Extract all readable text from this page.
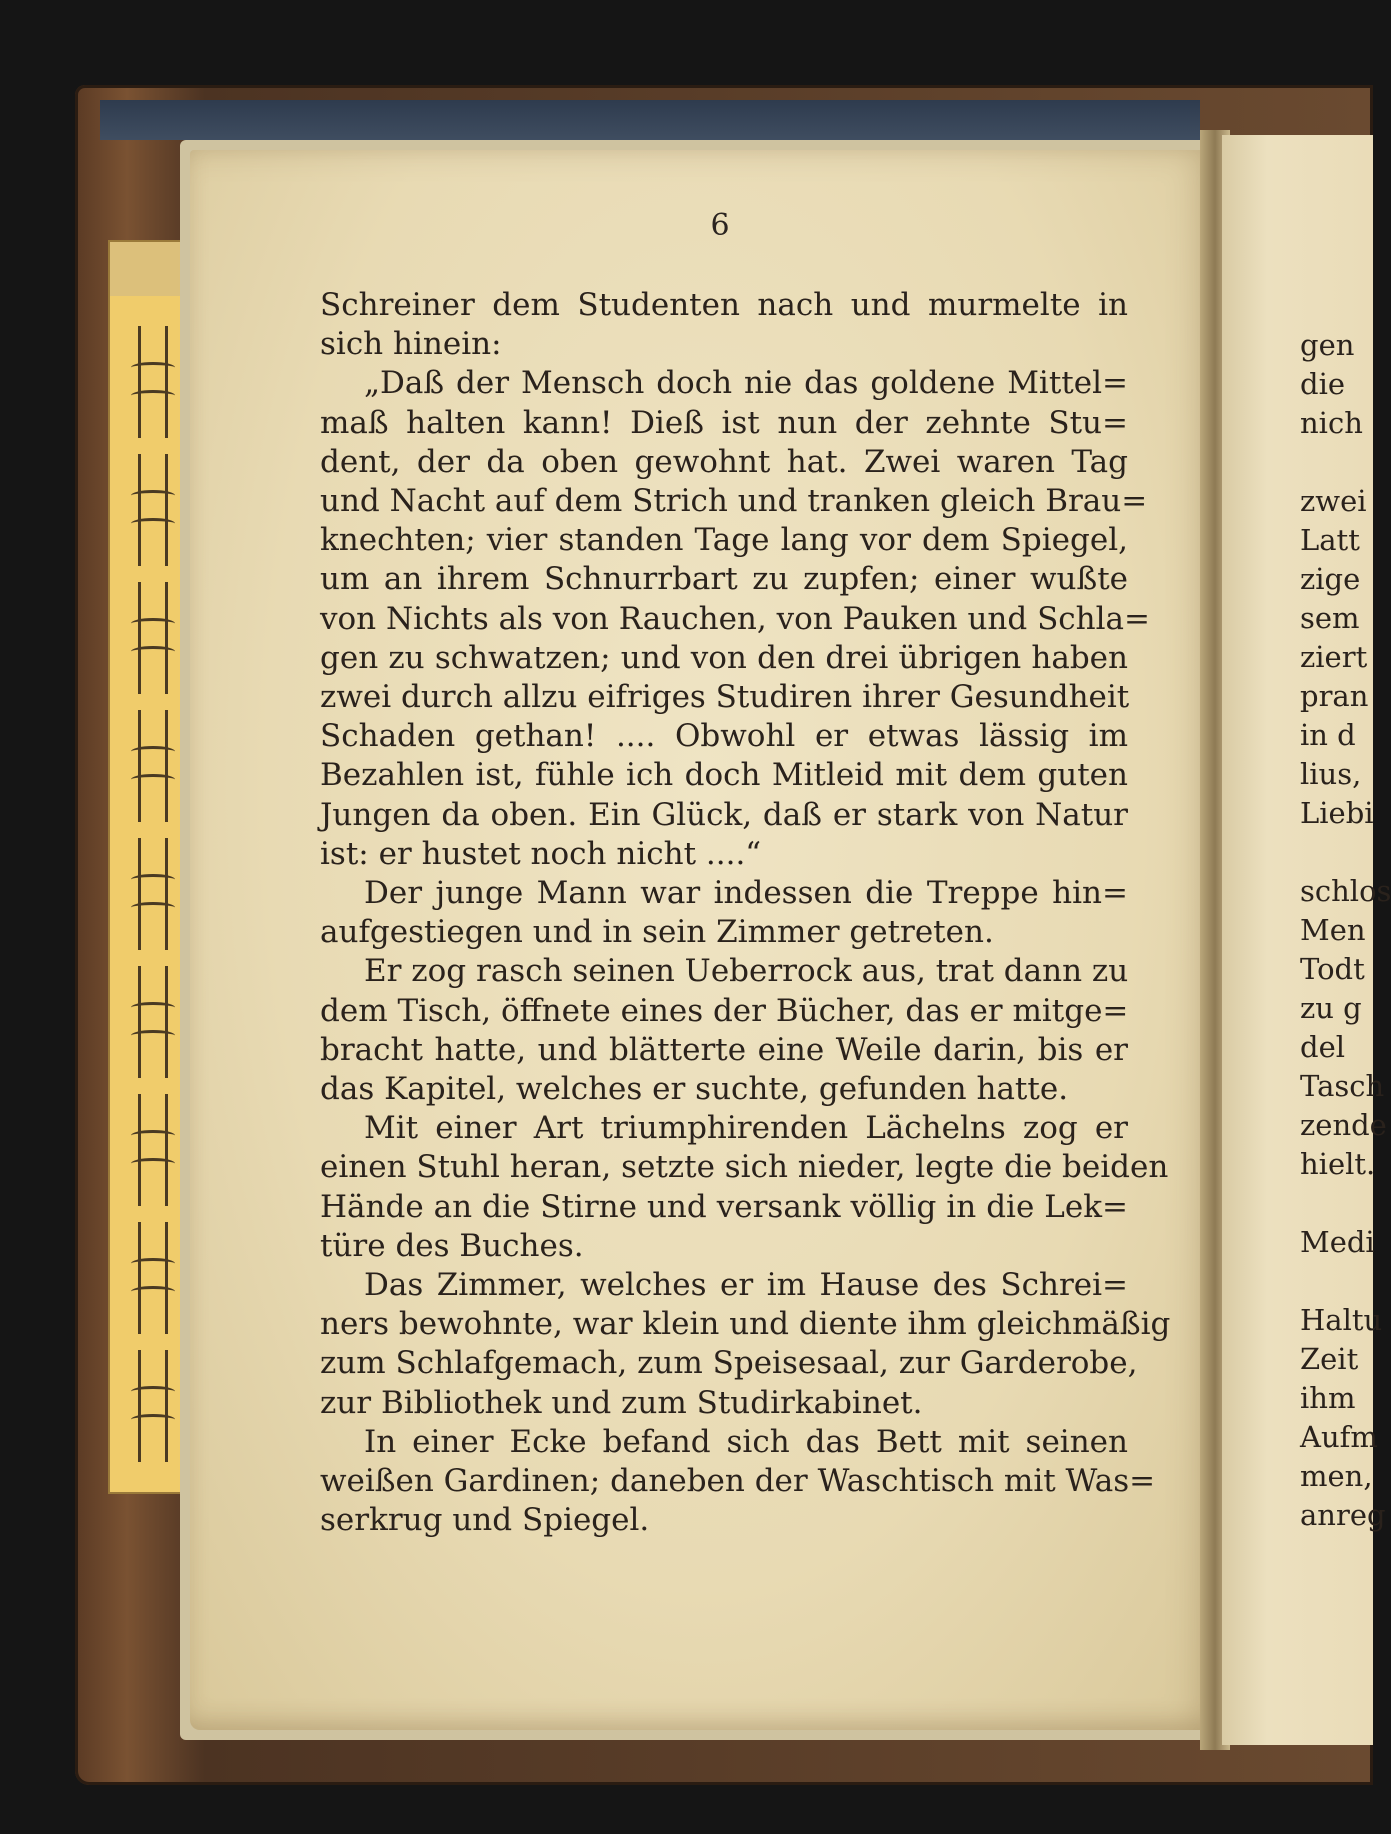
6
Schreiner dem Studenten nach und murmelte in
sich hinein:
„Daß der Mensch doch nie das goldene Mittel=
maß halten kann! Dieß ist nun der zehnte Stu=
dent, der da oben gewohnt hat. Zwei waren Tag
und Nacht auf dem Strich und tranken gleich Brau=
knechten; vier standen Tage lang vor dem Spiegel,
um an ihrem Schnurrbart zu zupfen; einer wußte
von Nichts als von Rauchen, von Pauken und Schla=
gen zu schwatzen; und von den drei übrigen haben
zwei durch allzu eifriges Studiren ihrer Gesundheit
Schaden gethan! .... Obwohl er etwas lässig im
Bezahlen ist, fühle ich doch Mitleid mit dem guten
Jungen da oben. Ein Glück, daß er stark von Natur
ist: er hustet noch nicht ....“
Der junge Mann war indessen die Treppe hin=
aufgestiegen und in sein Zimmer getreten.
Er zog rasch seinen Ueberrock aus, trat dann zu
dem Tisch, öffnete eines der Bücher, das er mitge=
bracht hatte, und blätterte eine Weile darin, bis er
das Kapitel, welches er suchte, gefunden hatte.
Mit einer Art triumphirenden Lächelns zog er
einen Stuhl heran, setzte sich nieder, legte die beiden
Hände an die Stirne und versank völlig in die Lek=
türe des Buches.
Das Zimmer, welches er im Hause des Schrei=
ners bewohnte, war klein und diente ihm gleichmäßig
zum Schlafgemach, zum Speisesaal, zur Garderobe,
zur Bibliothek und zum Studirkabinet.
In einer Ecke befand sich das Bett mit seinen
weißen Gardinen; daneben der Waschtisch mit Was=
serkrug und Spiegel.
gen
die
nich
zwei
Latt
zige
sem
ziert
pran
in d
lius,
Liebi
schlos
Men
Todt
zu g
del
Tasch
zende
hielt.
Medi
Haltu
Zeit
ihm
Aufm
men,
anreg
